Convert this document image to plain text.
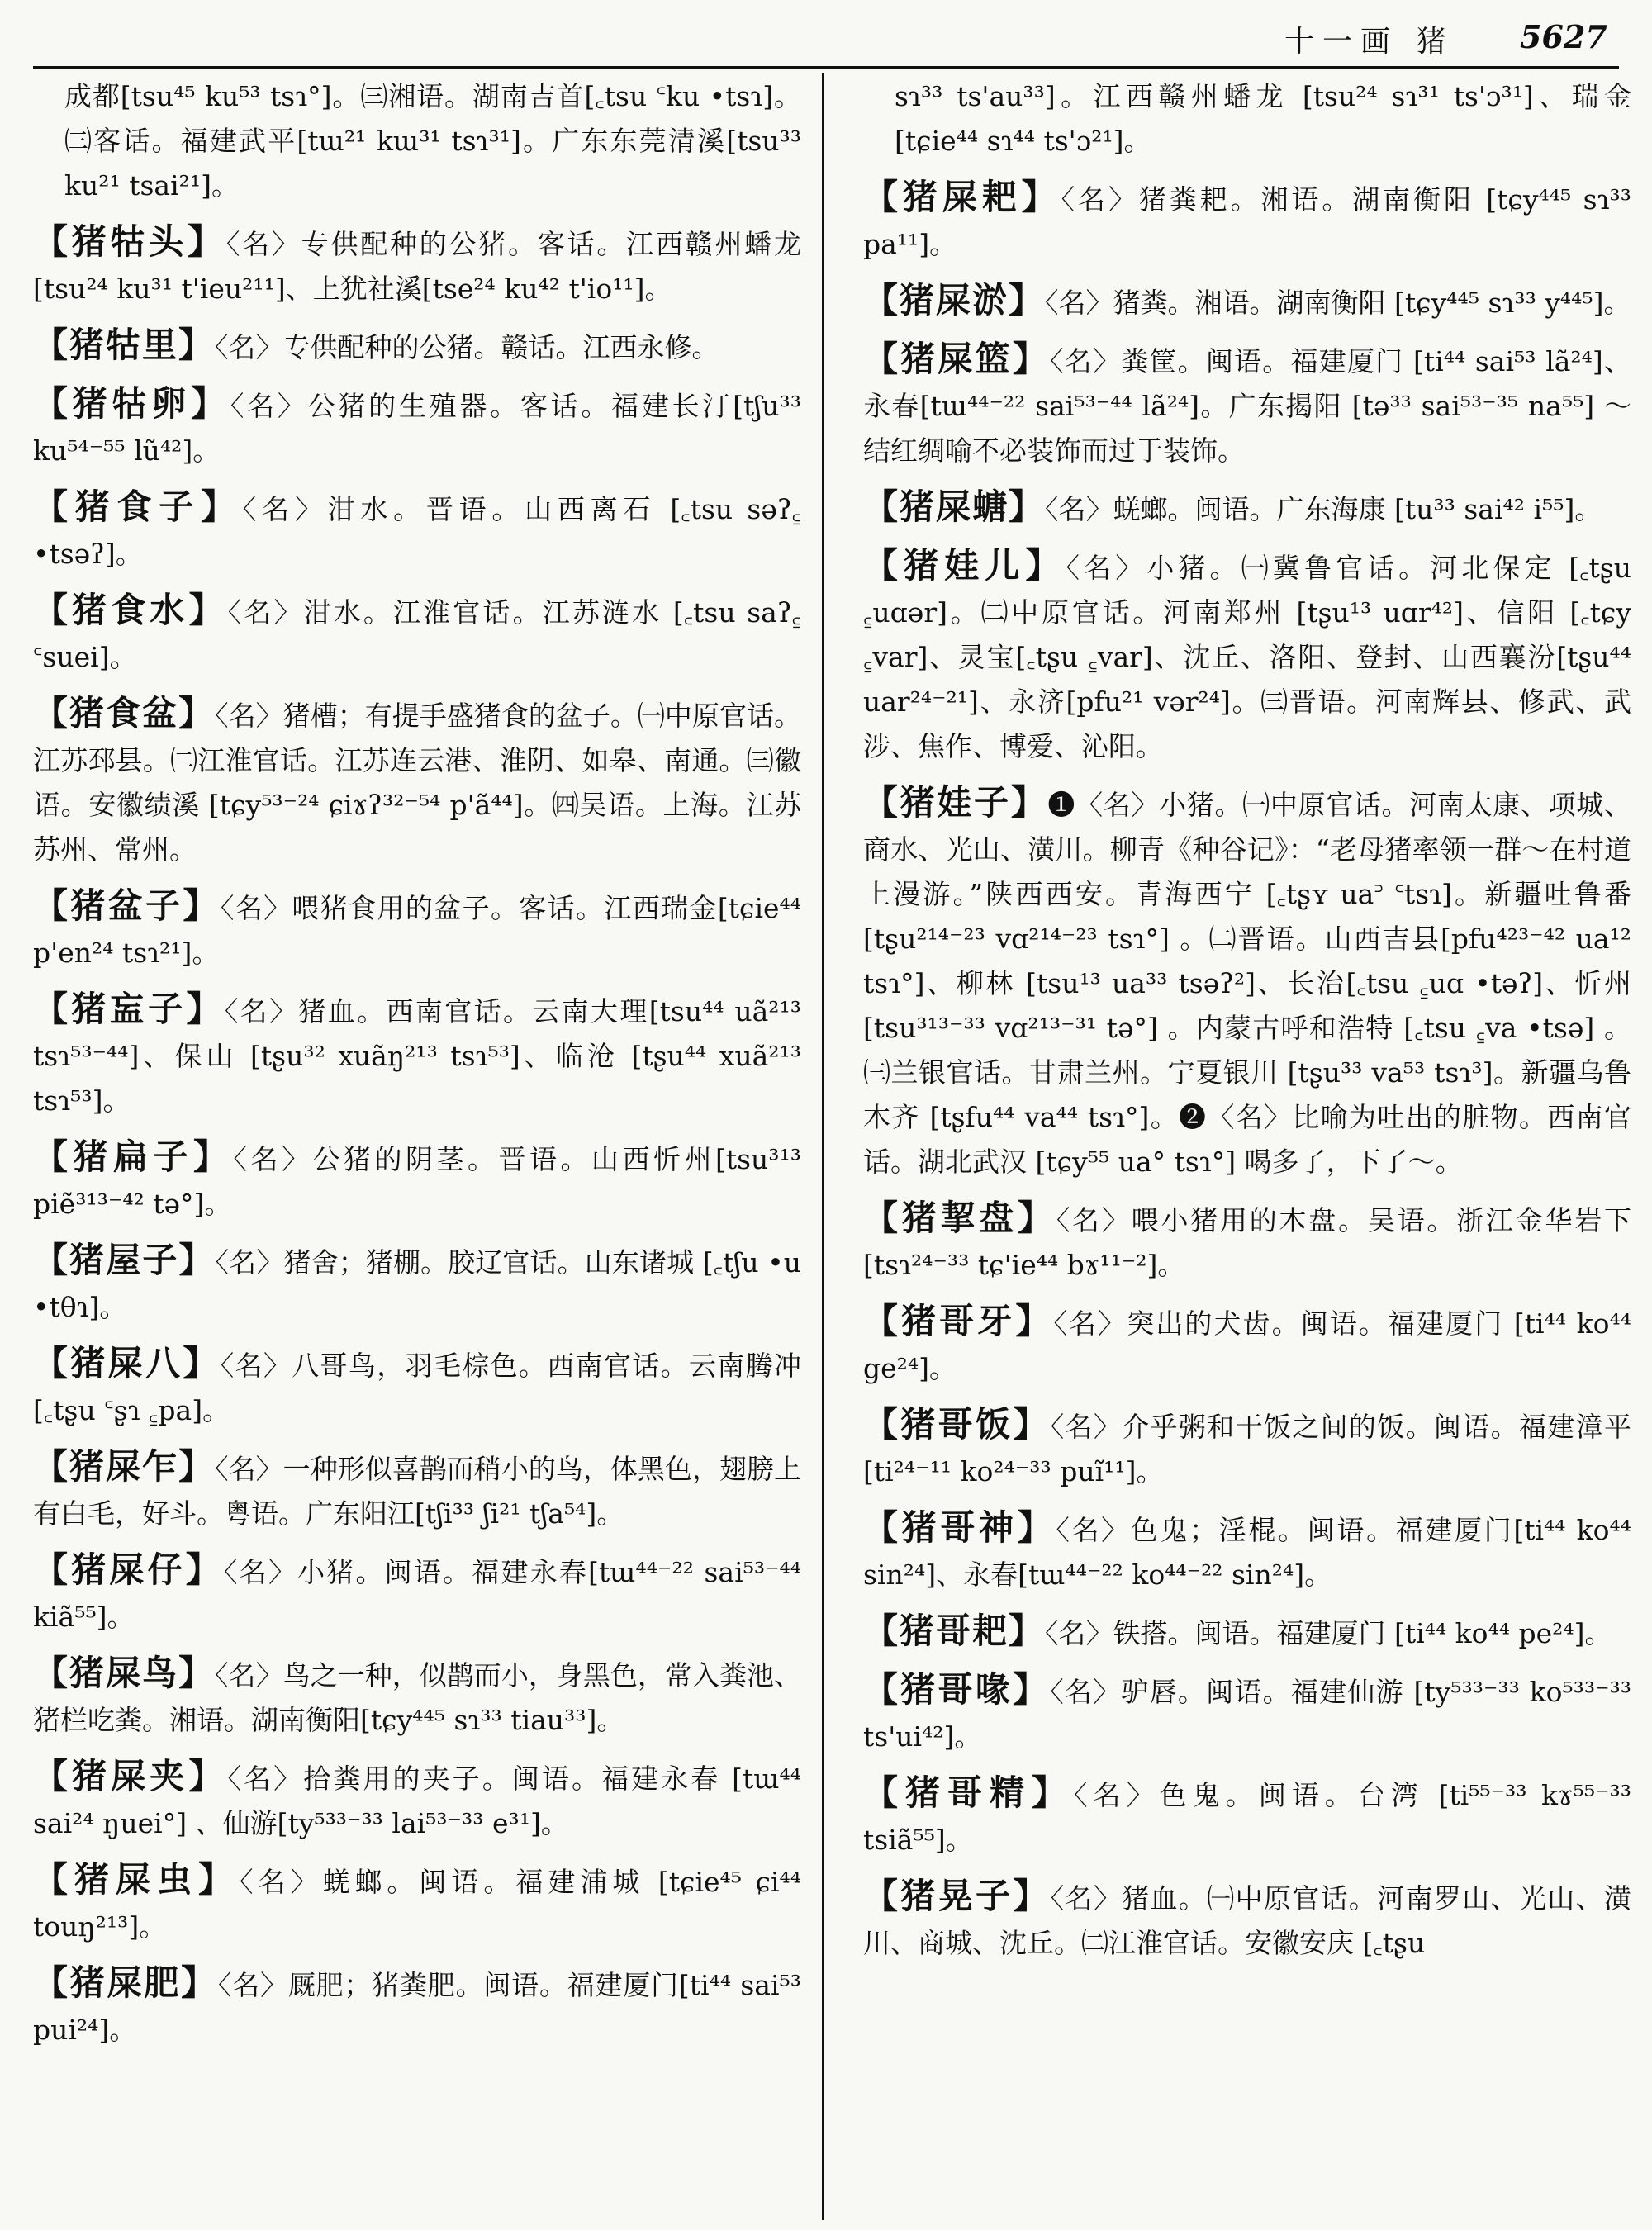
十一画 猪 5627

成都[tsu⁴⁵ ku⁵³ tsɿ°]。㈢湘语。湖南吉首[꜀tsu ꜂ku •tsɿ]。㈢客话。福建武平[tɯ²¹ kɯ³¹ tsɿ³¹]。广东东莞清溪[tsu³³ ku²¹ tsai²¹]。

【猪牯头】〈名〉专供配种的公猪。客话。江西赣州蟠龙 [tsu²⁴ ku³¹ t'ieu²¹¹]、上犹社溪[tse²⁴ ku⁴² t'io¹¹]。

【猪牯里】〈名〉专供配种的公猪。赣话。江西永修。

【猪牯卵】〈名〉公猪的生殖器。客话。福建长汀[tʃu³³ ku⁵⁴⁻⁵⁵ lũ⁴²]。

【猪食子】〈名〉泔水。晋语。山西离石 [꜀tsu səʔ꜁ •tsəʔ]。

【猪食水】〈名〉泔水。江淮官话。江苏涟水 [꜀tsu saʔ꜁ ꜂suei]。

【猪食盆】〈名〉猪槽；有提手盛猪食的盆子。㈠中原官话。江苏邳县。㈡江淮官话。江苏连云港、淮阴、如皋、南通。㈢徽语。安徽绩溪 [tɕy⁵³⁻²⁴ ɕiɤʔ³²⁻⁵⁴ p'ã⁴⁴]。㈣吴语。上海。江苏苏州、常州。

【猪盆子】〈名〉喂猪食用的盆子。客话。江西瑞金[tɕie⁴⁴ p'en²⁴ tsɿ²¹]。

【猪衁子】〈名〉猪血。西南官话。云南大理[tsu⁴⁴ uã²¹³ tsɿ⁵³⁻⁴⁴]、保山 [tʂu³² xuãŋ²¹³ tsɿ⁵³]、临沧 [tʂu⁴⁴ xuã²¹³ tsɿ⁵³]。

【猪扁子】〈名〉公猪的阴茎。晋语。山西忻州[tsu³¹³ piẽ³¹³⁻⁴² tə°]。

【猪屋子】〈名〉猪舍；猪棚。胶辽官话。山东诸城 [꜀tʃu •u •tθɿ]。

【猪屎八】〈名〉八哥鸟，羽毛棕色。西南官话。云南腾冲 [꜀tʂu ꜂ʂɿ ꜁pa]。

【猪屎乍】〈名〉一种形似喜鹊而稍小的鸟，体黑色，翅膀上有白毛，好斗。粤语。广东阳江[tʃi³³ ʃi²¹ tʃa⁵⁴]。

【猪屎仔】〈名〉小猪。闽语。福建永春[tɯ⁴⁴⁻²² sai⁵³⁻⁴⁴ kiã⁵⁵]。

【猪屎鸟】〈名〉鸟之一种，似鹊而小，身黑色，常入粪池、猪栏吃粪。湘语。湖南衡阳[tɕy⁴⁴⁵ sɿ³³ tiau³³]。

【猪屎夹】〈名〉拾粪用的夹子。闽语。福建永春 [tɯ⁴⁴ sai²⁴ ŋuei°] 、仙游[ty⁵³³⁻³³ lai⁵³⁻³³ e³¹]。

【猪屎虫】〈名〉蜣螂。闽语。福建浦城 [tɕie⁴⁵ ɕi⁴⁴ touŋ²¹³]。

【猪屎肥】〈名〉厩肥；猪粪肥。闽语。福建厦门[ti⁴⁴ sai⁵³ pui²⁴]。

sɿ³³ ts'au³³]。江西赣州蟠龙 [tsu²⁴ sɿ³¹ ts'ɔ³¹]、瑞金[tɕie⁴⁴ sɿ⁴⁴ ts'ɔ²¹]。

【猪屎耙】〈名〉猪粪耙。湘语。湖南衡阳 [tɕy⁴⁴⁵ sɿ³³ pa¹¹]。

【猪屎淤】〈名〉猪粪。湘语。湖南衡阳 [tɕy⁴⁴⁵ sɿ³³ y⁴⁴⁵]。

【猪屎篮】〈名〉粪筐。闽语。福建厦门 [ti⁴⁴ sai⁵³ lã²⁴]、永春[tɯ⁴⁴⁻²² sai⁵³⁻⁴⁴ lã²⁴]。广东揭阳 [tə³³ sai⁵³⁻³⁵ na⁵⁵] ～结红绸喻不必装饰而过于装饰。

【猪屎螗】〈名〉蜣螂。闽语。广东海康 [tu³³ sai⁴² i⁵⁵]。

【猪娃儿】〈名〉小猪。㈠冀鲁官话。河北保定 [꜀tʂu ꜁uɑər]。㈡中原官话。河南郑州 [tʂu¹³ uɑr⁴²]、信阳 [꜀tɕy ꜁var]、灵宝[꜀tʂu ꜁var]、沈丘、洛阳、登封、山西襄汾[tʂu⁴⁴ uar²⁴⁻²¹]、永济[pfu²¹ vər²⁴]。㈢晋语。河南辉县、修武、武涉、焦作、博爱、沁阳。

【猪娃子】❶〈名〉小猪。㈠中原官话。河南太康、项城、商水、光山、潢川。柳青《种谷记》：“老母猪率领一群～在村道上漫游。”陕西西安。青海西宁 [꜀tʂʏ ua꜄ ꜂tsɿ]。新疆吐鲁番 [tʂu²¹⁴⁻²³ vɑ²¹⁴⁻²³ tsɿ°] 。㈡晋语。山西吉县[pfu⁴²³⁻⁴² ua¹² tsɿ°]、柳林 [tsu¹³ ua³³ tsəʔ²]、长治[꜀tsu ꜁uɑ •təʔ]、忻州[tsu³¹³⁻³³ vɑ²¹³⁻³¹ tə°] 。内蒙古呼和浩特 [꜀tsu ꜁va •tsə] 。㈢兰银官话。甘肃兰州。宁夏银川 [tʂu³³ va⁵³ tsɿ³]。新疆乌鲁木齐 [tʂfu⁴⁴ va⁴⁴ tsɿ°]。❷〈名〉比喻为吐出的脏物。西南官话。湖北武汉 [tɕy⁵⁵ ua° tsɿ°] 喝多了，下了～。

【猪挈盘】〈名〉喂小猪用的木盘。吴语。浙江金华岩下[tsɿ²⁴⁻³³ tɕ'ie⁴⁴ bɤ¹¹⁻²]。

【猪哥牙】〈名〉突出的犬齿。闽语。福建厦门 [ti⁴⁴ ko⁴⁴ ge²⁴]。

【猪哥饭】〈名〉介乎粥和干饭之间的饭。闽语。福建漳平 [ti²⁴⁻¹¹ ko²⁴⁻³³ puĩ¹¹]。

【猪哥神】〈名〉色鬼；淫棍。闽语。福建厦门[ti⁴⁴ ko⁴⁴ sin²⁴]、永春[tɯ⁴⁴⁻²² ko⁴⁴⁻²² sin²⁴]。

【猪哥耙】〈名〉铁搭。闽语。福建厦门 [ti⁴⁴ ko⁴⁴ pe²⁴]。

【猪哥喙】〈名〉驴唇。闽语。福建仙游 [ty⁵³³⁻³³ ko⁵³³⁻³³ ts'ui⁴²]。

【猪哥精】〈名〉色鬼。闽语。台湾 [ti⁵⁵⁻³³ kɤ⁵⁵⁻³³ tsiã⁵⁵]。

【猪晃子】〈名〉猪血。㈠中原官话。河南罗山、光山、潢川、商城、沈丘。㈡江淮官话。安徽安庆 [꜀tʂu
